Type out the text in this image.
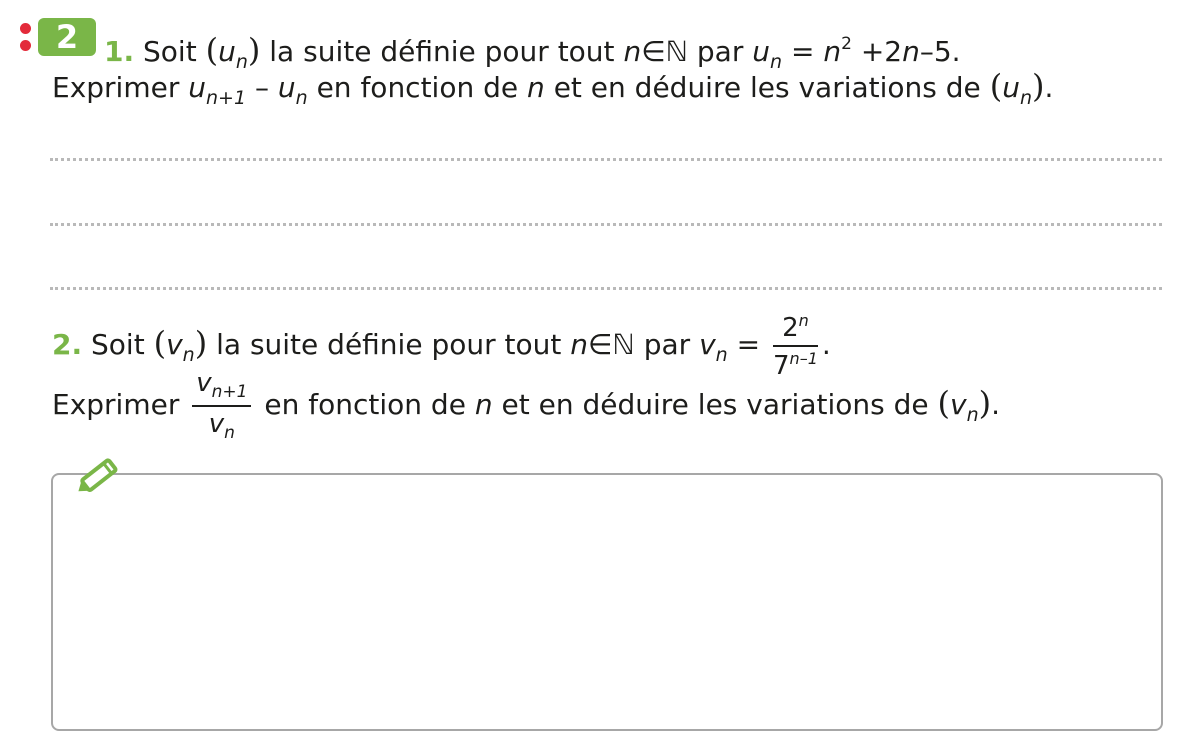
2 1. Soit $(u_n)$ la suite définie pour tout n∈ℕ par $u_n = n^2 +2n-5$.
Exprimer $u_{n+1} - u_n$ en fonction de n et en déduire les variations de $(u_n)$.
2. Soit $(v_n)$ la suite définie pour tout n∈ℕ par $v_n = \frac{2^n}{7^{n-1}}$ .
Exprimer $\frac{v_{n+1}}{v_n}$ en fonction de n et en déduire les variations de $(v_n)$.
